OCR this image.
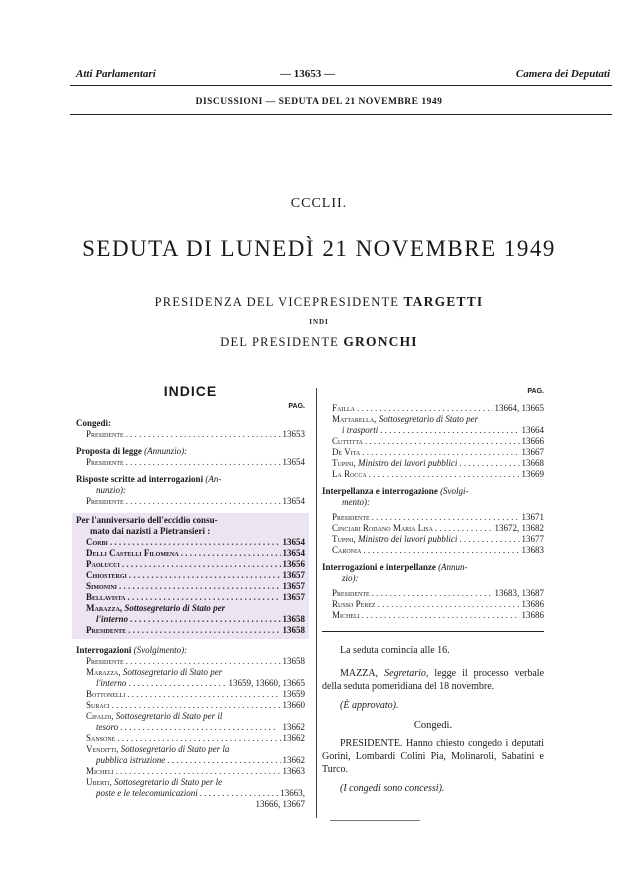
Atti Parlamentari	— 13653 —	Camera dei Deputati
DISCUSSIONI — SEDUTA DEL 21 NOVEMBRE 1949
CCCLII.
SEDUTA DI LUNEDÌ 21 NOVEMBRE 1949
PRESIDENZA DEL VICEPRESIDENTE TARGETTI
INDI
DEL PRESIDENTE GRONCHI
INDICE
PAG.
Congedi:
Presidente . . .	13653
Proposta di legge (Annunzio):
Presidente . . .	13654
Risposte scritte ad interrogazioni (An-
nunzio):
Presidente . . .	13654
Per l'anniversario dell'eccidio consu-
mato dai nazisti a Pietransieri :
Corbi . . .	13654
Delli Castelli Filomena . . .	13654
Paolucci . . .	13656
Chiostergi . . .	13657
Simonini . . .	13657
Bellavista . . .	13657
Marazza,
Sottosegretario di Stato per
l'interno . . .	13658
Presidente . . .	13658
Interrogazioni (Svolgimento):
Presidente . . .	13658
Marazza,
Sottosegretario di Stato per
l'interno . . .	13659, 13660, 13665
Bottonelli . . .	13659
Suraci . . .	13660
Cifaldi,
Sottosegretario di Stato per il
tesoro . . .	13662
Sansone . . .	13662
Venditti,
Sottosegretario di Stato per la
pubblica istruzione . . .	13662
Micheli . . .	13663
Uberti,
Sottosegretario di Stato per le
poste e le telecomunicazioni . . .	13663,
13666, 13667
PAG.
Failla . . .	13664, 13665
Mattarella,
Sottosegretario di Stato per
i trasporti . . .	13664
Cuttitta . . .	13666
De Vita . . .	13667
Tupini,
Ministro dei lavori pubblici . . .	13668
La Rocca . . .	13669
Interpellanza e interrogazione (Svolgi-
mento):
Presidente . . .	13671
Cinciari Rodano Maria Lisa . . .	13672, 13682
Tupini,
Ministro dei lavori pubblici . . .	13677
Caronia . . .	13683
Interrogazioni e interpellanze (Annun-
zio):
Presidente . . .	13683, 13687
Russo Perez . . .	13686
Micheli . . .	13686
La seduta comincia alle 16.
MAZZA, Segretario, legge il processo verbale della seduta pomeridiana del 18 novembre.
(È approvato).
Congedi.
PRESIDENTE. Hanno chiesto congedo i deputati Gorini, Lombardi Colini Pia, Molinaroli, Sabatini e Turco.
(I congedi sono concessi).
